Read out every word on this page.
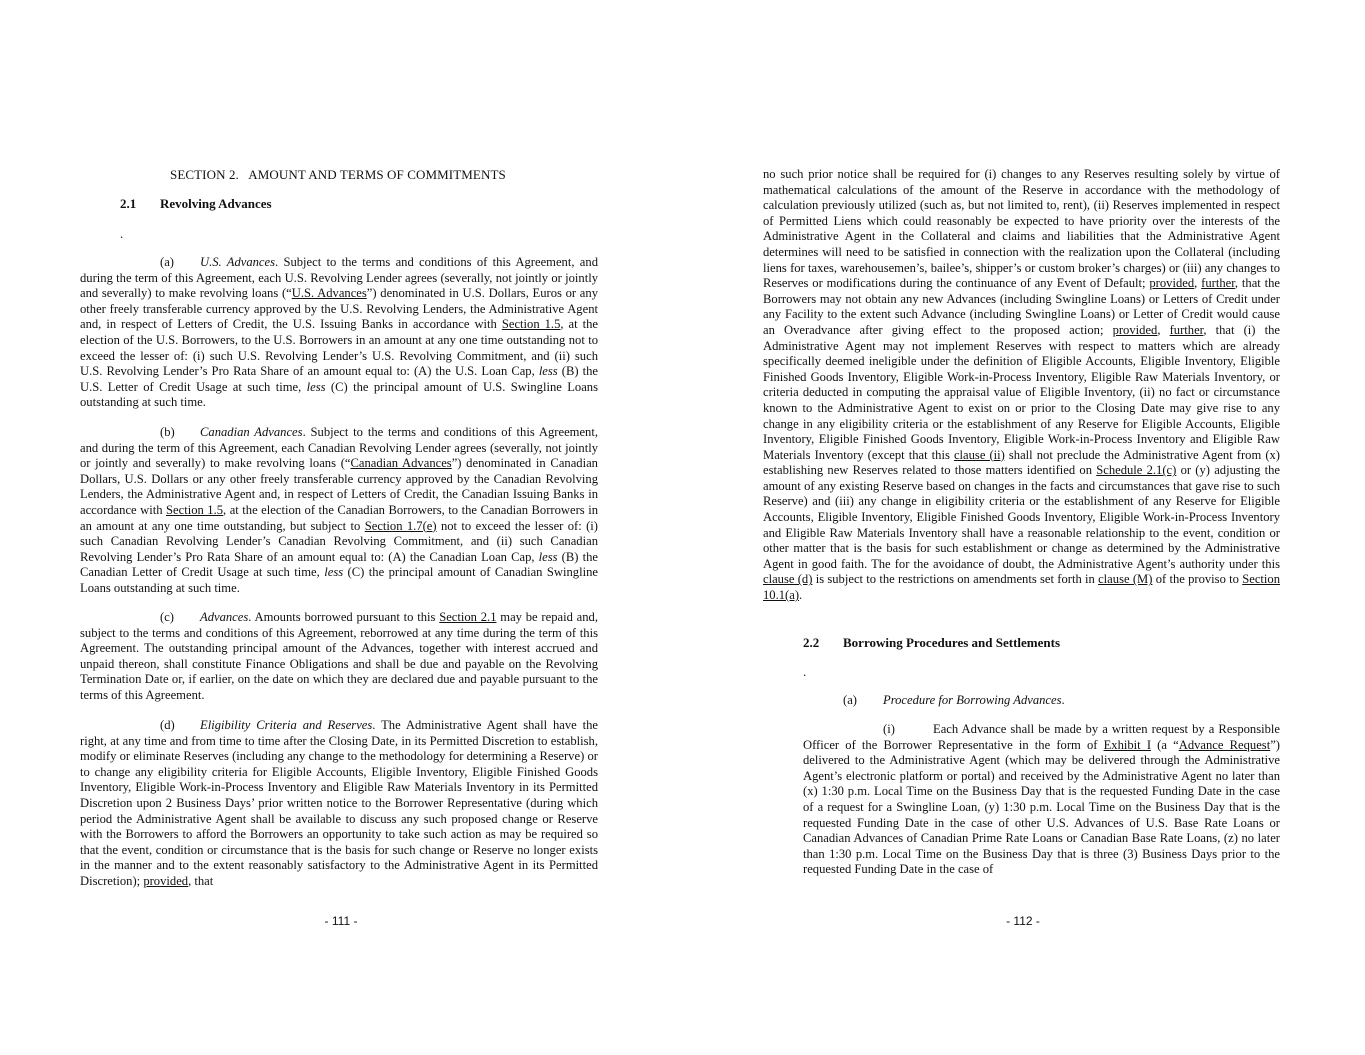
SECTION 2.   AMOUNT AND TERMS OF COMMITMENTS
2.1 Revolving Advances
.

(a) U.S. Advances. Subject to the terms and conditions of this Agreement, and during the term of this Agreement, each U.S. Revolving Lender agrees (severally, not jointly or jointly and severally) to make revolving loans (“U.S. Advances”) denominated in U.S. Dollars, Euros or any other freely transferable currency approved by the U.S. Revolving Lenders, the Administrative Agent and, in respect of Letters of Credit, the U.S. Issuing Banks in accordance with Section 1.5, at the election of the U.S. Borrowers, to the U.S. Borrowers in an amount at any one time outstanding not to exceed the lesser of: (i) such U.S. Revolving Lender’s U.S. Revolving Commitment, and (ii) such U.S. Revolving Lender’s Pro Rata Share of an amount equal to: (A) the U.S. Loan Cap, less (B) the U.S. Letter of Credit Usage at such time, less (C) the principal amount of U.S. Swingline Loans outstanding at such time.

(b) Canadian Advances. Subject to the terms and conditions of this Agreement, and during the term of this Agreement, each Canadian Revolving Lender agrees (severally, not jointly or jointly and severally) to make revolving loans (“Canadian Advances”) denominated in Canadian Dollars, U.S. Dollars or any other freely transferable currency approved by the Canadian Revolving Lenders, the Administrative Agent and, in respect of Letters of Credit, the Canadian Issuing Banks in accordance with Section 1.5, at the election of the Canadian Borrowers, to the Canadian Borrowers in an amount at any one time outstanding, but subject to Section 1.7(e) not to exceed the lesser of: (i) such Canadian Revolving Lender’s Canadian Revolving Commitment, and (ii) such Canadian Revolving Lender’s Pro Rata Share of an amount equal to: (A) the Canadian Loan Cap, less (B) the Canadian Letter of Credit Usage at such time, less (C) the principal amount of Canadian Swingline Loans outstanding at such time.

(c) Advances. Amounts borrowed pursuant to this Section 2.1 may be repaid and, subject to the terms and conditions of this Agreement, reborrowed at any time during the term of this Agreement. The outstanding principal amount of the Advances, together with interest accrued and unpaid thereon, shall constitute Finance Obligations and shall be due and payable on the Revolving Termination Date or, if earlier, on the date on which they are declared due and payable pursuant to the terms of this Agreement.

(d) Eligibility Criteria and Reserves. The Administrative Agent shall have the right, at any time and from time to time after the Closing Date, in its Permitted Discretion to establish, modify or eliminate Reserves (including any change to the methodology for determining a Reserve) or to change any eligibility criteria for Eligible Accounts, Eligible Inventory, Eligible Finished Goods Inventory, Eligible Work-in-Process Inventory and Eligible Raw Materials Inventory in its Permitted Discretion upon 2 Business Days’ prior written notice to the Borrower Representative (during which period the Administrative Agent shall be available to discuss any such proposed change or Reserve with the Borrowers to afford the Borrowers an opportunity to take such action as may be required so that the event, condition or circumstance that is the basis for such change or Reserve no longer exists in the manner and to the extent reasonably satisfactory to the Administrative Agent in its Permitted Discretion); provided, that

- 111 -

no such prior notice shall be required for (i) changes to any Reserves resulting solely by virtue of mathematical calculations of the amount of the Reserve in accordance with the methodology of calculation previously utilized (such as, but not limited to, rent), (ii) Reserves implemented in respect of Permitted Liens which could reasonably be expected to have priority over the interests of the Administrative Agent in the Collateral and claims and liabilities that the Administrative Agent determines will need to be satisfied in connection with the realization upon the Collateral (including liens for taxes, warehousemen’s, bailee’s, shipper’s or custom broker’s charges) or (iii) any changes to Reserves or modifications during the continuance of any Event of Default; provided, further, that the Borrowers may not obtain any new Advances (including Swingline Loans) or Letters of Credit under any Facility to the extent such Advance (including Swingline Loans) or Letter of Credit would cause an Overadvance after giving effect to the proposed action; provided, further, that (i) the Administrative Agent may not implement Reserves with respect to matters which are already specifically deemed ineligible under the definition of Eligible Accounts, Eligible Inventory, Eligible Finished Goods Inventory, Eligible Work-in-Process Inventory, Eligible Raw Materials Inventory, or criteria deducted in computing the appraisal value of Eligible Inventory, (ii) no fact or circumstance known to the Administrative Agent to exist on or prior to the Closing Date may give rise to any change in any eligibility criteria or the establishment of any Reserve for Eligible Accounts, Eligible Inventory, Eligible Finished Goods Inventory, Eligible Work-in-Process Inventory and Eligible Raw Materials Inventory (except that this clause (ii) shall not preclude the Administrative Agent from (x) establishing new Reserves related to those matters identified on Schedule 2.1(c) or (y) adjusting the amount of any existing Reserve based on changes in the facts and circumstances that gave rise to such Reserve) and (iii) any change in eligibility criteria or the establishment of any Reserve for Eligible Accounts, Eligible Inventory, Eligible Finished Goods Inventory, Eligible Work-in-Process Inventory and Eligible Raw Materials Inventory shall have a reasonable relationship to the event, condition or other matter that is the basis for such establishment or change as determined by the Administrative Agent in good faith. The for the avoidance of doubt, the Administrative Agent’s authority under this clause (d) is subject to the restrictions on amendments set forth in clause (M) of the proviso to Section 10.1(a).

2.2 Borrowing Procedures and Settlements
.

(a) Procedure for Borrowing Advances.

(i)	Each Advance shall be made by a written request by a Responsible Officer of the Borrower Representative in the form of Exhibit I (a “Advance Request”) delivered to the Administrative Agent (which may be delivered through the Administrative Agent’s electronic platform or portal) and received by the Administrative Agent no later than (x) 1:30 p.m. Local Time on the Business Day that is the requested Funding Date in the case of a request for a Swingline Loan, (y) 1:30 p.m. Local Time on the Business Day that is the requested Funding Date in the case of other U.S. Advances of U.S. Base Rate Loans or Canadian Advances of Canadian Prime Rate Loans or Canadian Base Rate Loans, (z) no later than 1:30 p.m. Local Time on the Business Day that is three (3) Business Days prior to the requested Funding Date in the case of

- 112 -
